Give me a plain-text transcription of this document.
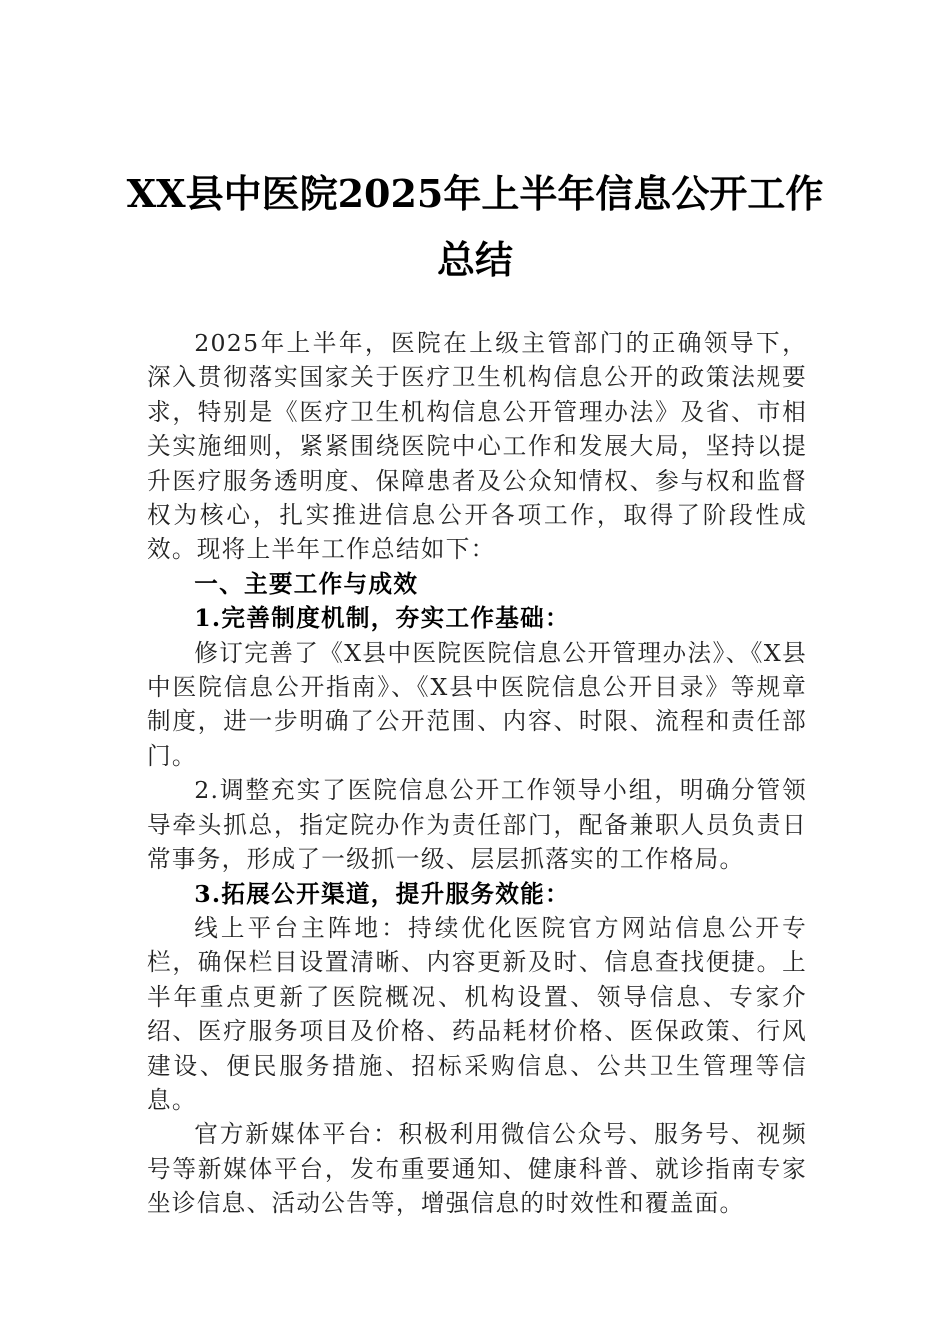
XX县中医院2025年上半年信息公开工作
总结

2025年上半年，医院在上级主管部门的正确领导下，深入贯彻落实国家关于医疗卫生机构信息公开的政策法规要求，特别是《医疗卫生机构信息公开管理办法》及省、市相关实施细则，紧紧围绕医院中心工作和发展大局，坚持以提升医疗服务透明度、保障患者及公众知情权、参与权和监督权为核心，扎实推进信息公开各项工作，取得了阶段性成效。现将上半年工作总结如下：

一、主要工作与成效

1.完善制度机制，夯实工作基础：

修订完善了《X县中医院医院信息公开管理办法》、《X县中医院信息公开指南》、《X县中医院信息公开目录》等规章制度，进一步明确了公开范围、内容、时限、流程和责任部门。

2.调整充实了医院信息公开工作领导小组，明确分管领导牵头抓总，指定院办作为责任部门，配备兼职人员负责日常事务，形成了一级抓一级、层层抓落实的工作格局。

3.拓展公开渠道，提升服务效能：

线上平台主阵地：持续优化医院官方网站信息公开专栏，确保栏目设置清晰、内容更新及时、信息查找便捷。上半年重点更新了医院概况、机构设置、领导信息、专家介绍、医疗服务项目及价格、药品耗材价格、医保政策、行风建设、便民服务措施、招标采购信息、公共卫生管理等信息。

官方新媒体平台：积极利用微信公众号、服务号、视频号等新媒体平台，发布重要通知、健康科普、就诊指南专家坐诊信息、活动公告等，增强信息的时效性和覆盖面。
